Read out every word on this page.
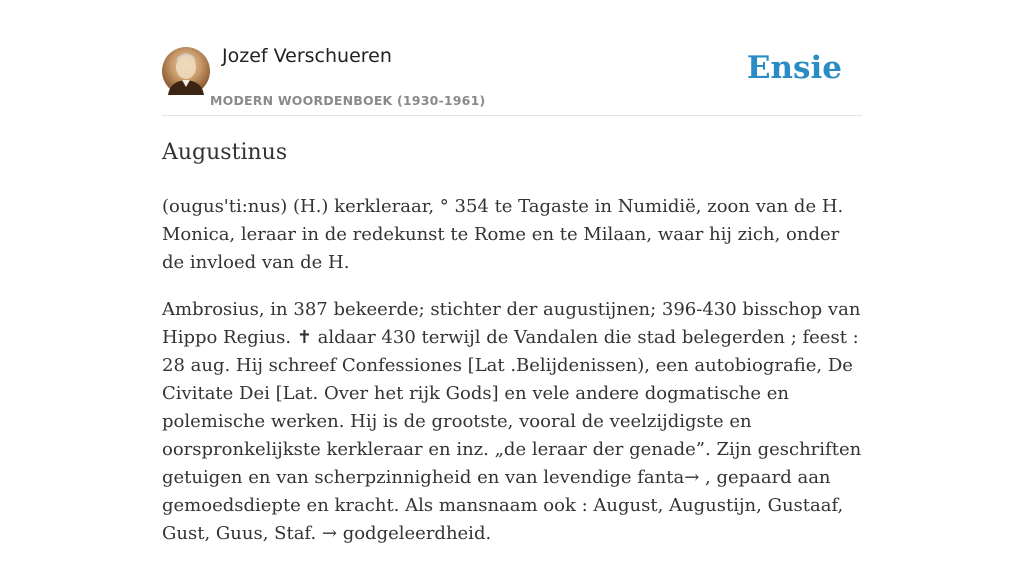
Jozef Verschueren
MODERN WOORDENBOEK (1930-1961)
Ensie
Augustinus

(ougus'ti:nus) (H.) kerkleraar, ° 354 te Tagaste in Numidië, zoon van de H. Monica, leraar in de redekunst te Rome en te Milaan, waar hij zich, onder de invloed van de H.

Ambrosius, in 387 bekeerde; stichter der augustijnen; 396-430 bisschop van Hippo Regius. ✝ aldaar 430 terwijl de Vandalen die stad belegerden ; feest : 28 aug. Hij schreef Confessiones [Lat .Belijdenissen), een autobiografie, De Civitate Dei [Lat. Over het rijk Gods] en vele andere dogmatische en polemische werken. Hij is de grootste, vooral de veelzijdigste en oorspronkelijkste kerkleraar en inz. „de leraar der genade”. Zijn geschriften getuigen en van scherpzinnigheid en van levendige fanta→ , gepaard aan gemoedsdiepte en kracht. Als mansnaam ook : August, Augustijn, Gustaaf, Gust, Guus, Staf. → godgeleerdheid.
